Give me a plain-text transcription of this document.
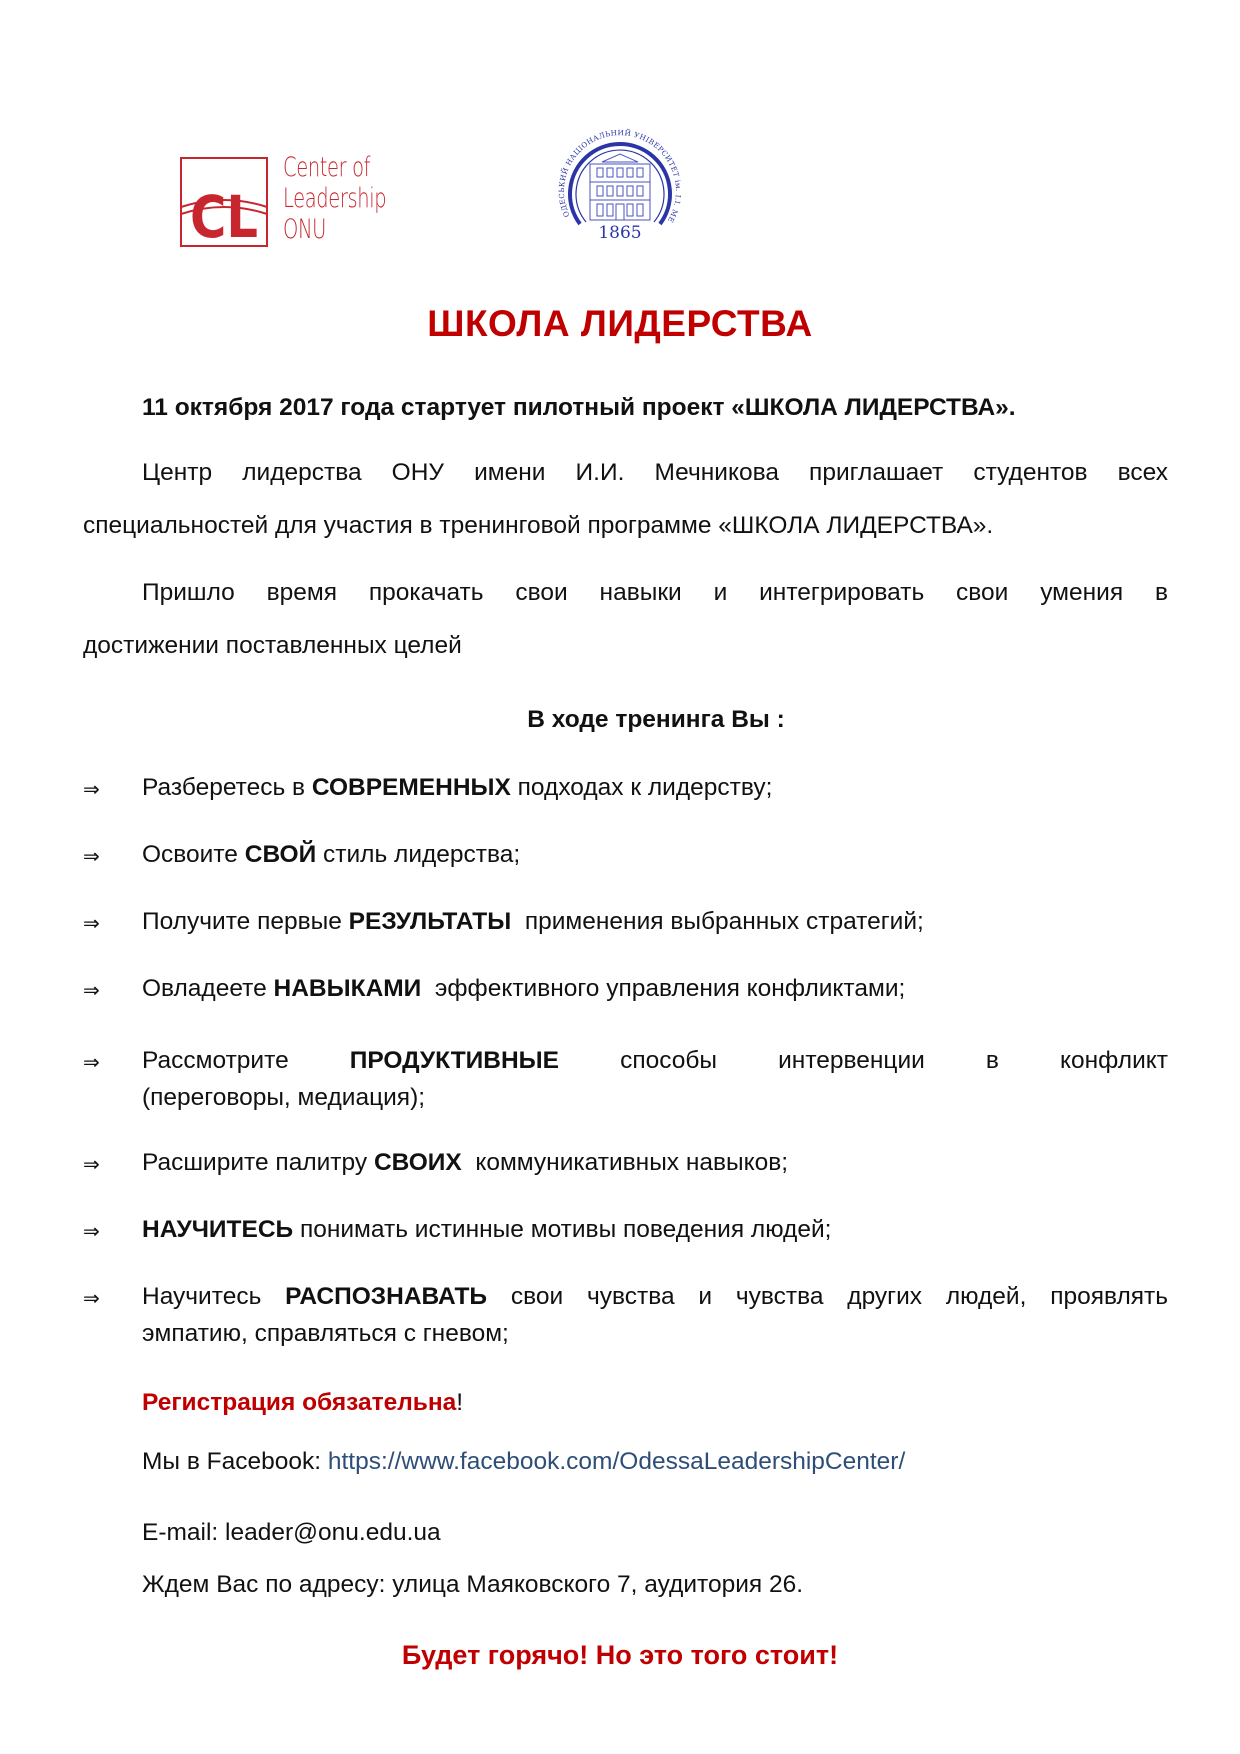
CL
Center of
Leadership
ONU
ОДЕСЬКИЙ НАЦІОНАЛЬНИЙ УНІВЕРСИТЕТ ім. І.І. МЕ
1865
ШКОЛА ЛИДЕРСТВА
11 октября 2017 года стартует пилотный проект «ШКОЛА ЛИДЕРСТВА».
Центр лидерства ОНУ имени И.И. Мечникова приглашает студентов всех
специальностей для участия в тренинговой программе «ШКОЛА ЛИДЕРСТВА».
Пришло время прокачать свои навыки и интегрировать свои умения в
достижении поставленных целей
В ходе тренинга Вы :
⇒ Разберетесь в СОВРЕМЕННЫХ подходах к лидерству;
⇒ Освоите СВОЙ стиль лидерства;
⇒ Получите первые РЕЗУЛЬТАТЫ  применения выбранных стратегий;
⇒ Овладеете НАВЫКАМИ  эффективного управления конфликтами;
⇒ Рассмотрите ПРОДУКТИВНЫЕ способы интервенции в конфликт
(переговоры, медиация);
⇒ Расширите палитру СВОИХ  коммуникативных навыков;
⇒ НАУЧИТЕСЬ понимать истинные мотивы поведения людей;
⇒ Научитесь РАСПОЗНАВАТЬ свои чувства и чувства других людей, проявлять
эмпатию, справляться с гневом;
Регистрация обязательна!
Мы в Facebook: https://www.facebook.com/OdessaLeadershipCenter/
E-mail: leader@onu.edu.ua
Ждем Вас по адресу: улица Маяковского 7, аудитория 26.
Будет горячо! Но это того стоит!
